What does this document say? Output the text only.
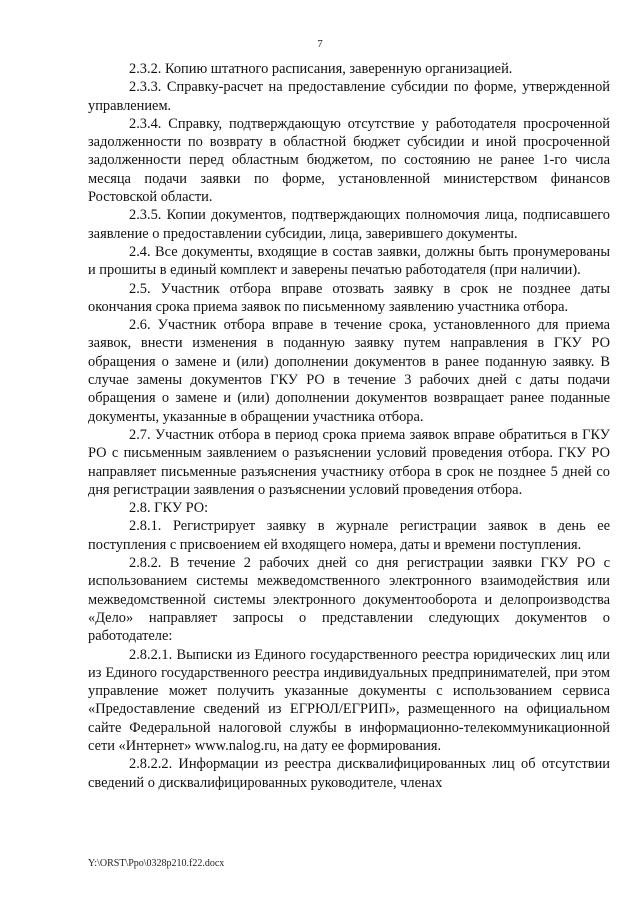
7

2.3.2. Копию штатного расписания, заверенную организацией.

2.3.3. Справку-расчет на предоставление субсидии по форме, утвержденной управлением.

2.3.4. Справку, подтверждающую отсутствие у работодателя просроченной задолженности по возврату в областной бюджет субсидии и иной просроченной задолженности перед областным бюджетом, по состоянию не ранее 1-го числа месяца подачи заявки по форме, установленной министерством финансов Ростовской области.

2.3.5. Копии документов, подтверждающих полномочия лица, подписавшего заявление о предоставлении субсидии, лица, заверившего документы.

2.4. Все документы, входящие в состав заявки, должны быть пронумерованы и прошиты в единый комплект и заверены печатью работодателя (при наличии).

2.5. Участник отбора вправе отозвать заявку в срок не позднее даты окончания срока приема заявок по письменному заявлению участника отбора.

2.6. Участник отбора вправе в течение срока, установленного для приема заявок, внести изменения в поданную заявку путем направления в ГКУ РО обращения о замене и (или) дополнении документов в ранее поданную заявку. В случае замены документов ГКУ РО в течение 3 рабочих дней с даты подачи обращения о замене и (или) дополнении документов возвращает ранее поданные документы, указанные в обращении участника отбора.

2.7. Участник отбора в период срока приема заявок вправе обратиться в ГКУ РО с письменным заявлением о разъяснении условий проведения отбора. ГКУ РО направляет письменные разъяснения участнику отбора в срок не позднее 5 дней со дня регистрации заявления о разъяснении условий проведения отбора.

2.8. ГКУ РО:

2.8.1. Регистрирует заявку в журнале регистрации заявок в день ее поступления с присвоением ей входящего номера, даты и времени поступления.

2.8.2. В течение 2 рабочих дней со дня регистрации заявки ГКУ РО с использованием системы межведомственного электронного взаимодействия или межведомственной системы электронного документооборота и делопроизводства «Дело» направляет запросы о представлении следующих документов о работодателе:

2.8.2.1. Выписки из Единого государственного реестра юридических лиц или из Единого государственного реестра индивидуальных предпринимателей, при этом управление может получить указанные документы с использованием сервиса «Предоставление сведений из ЕГРЮЛ/ЕГРИП», размещенного на официальном сайте Федеральной налоговой службы в информационно-телекоммуникационной сети «Интернет» www.nalog.ru, на дату ее формирования.

2.8.2.2. Информации из реестра дисквалифицированных лиц об отсутствии сведений о дисквалифицированных руководителе, членах

Y:\ORST\Ppo\0328p210.f22.docx
